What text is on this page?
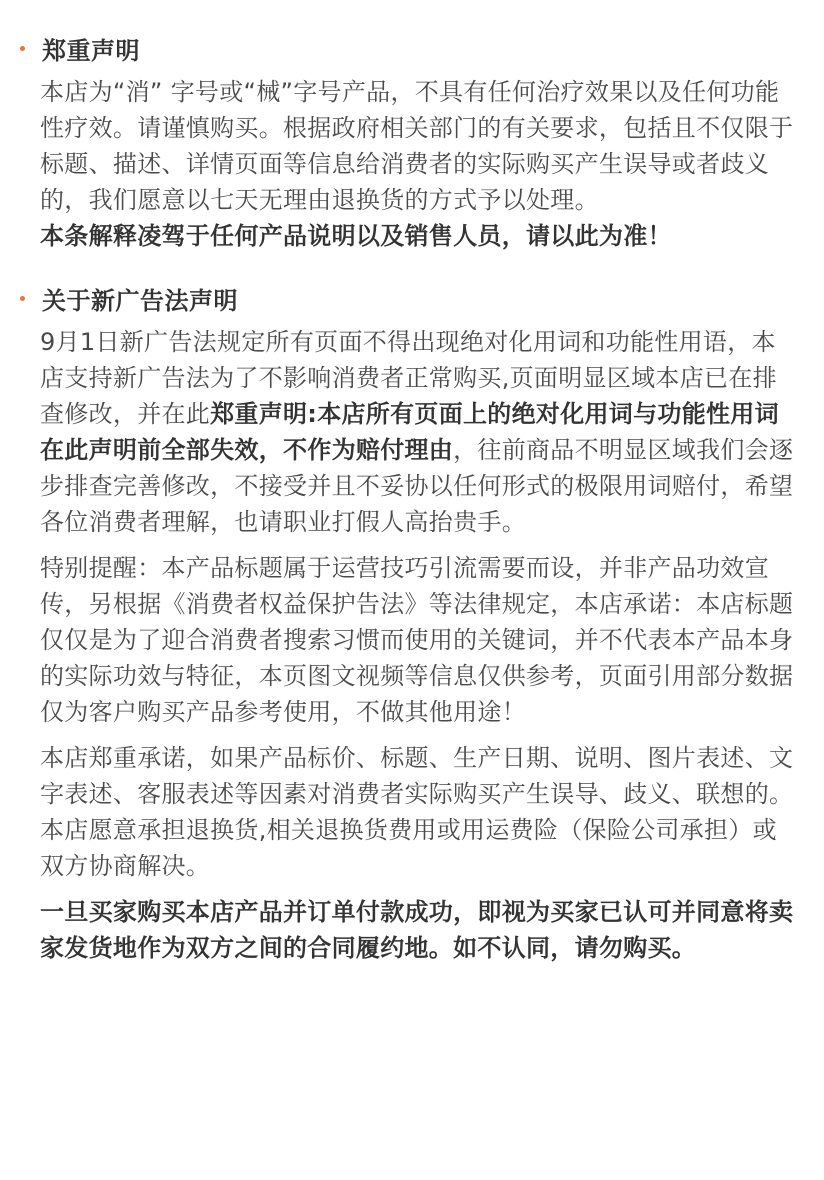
郑重声明

本店为“消” 字号或“械”字号产品，不具有任何治疗效果以及任何功能性疗效。请谨慎购买。根据政府相关部门的有关要求，包括且不仅限于标题、描述、详情页面等信息给消费者的实际购买产生误导或者歧义的，我们愿意以七天无理由退换货的方式予以处理。

本条解释凌驾于任何产品说明以及销售人员，请以此为准！

关于新广告法声明

9月1日新广告法规定所有页面不得出现绝对化用词和功能性用语，本店支持新广告法为了不影响消费者正常购买,页面明显区域本店已在排查修改，并在此郑重声明:本店所有页面上的绝对化用词与功能性用词在此声明前全部失效，不作为赔付理由，往前商品不明显区域我们会逐步排查完善修改，不接受并且不妥协以任何形式的极限用词赔付，希望各位消费者理解，也请职业打假人高抬贵手。

特别提醒：本产品标题属于运营技巧引流需要而设，并非产品功效宣传，另根据《消费者权益保护告法》等法律规定，本店承诺：本店标题仅仅是为了迎合消费者搜索习惯而使用的关键词，并不代表本产品本身的实际功效与特征，本页图文视频等信息仅供参考，页面引用部分数据仅为客户购买产品参考使用，不做其他用途！

本店郑重承诺，如果产品标价、标题、生产日期、说明、图片表述、文字表述、客服表述等因素对消费者实际购买产生误导、歧义、联想的。本店愿意承担退换货,相关退换货费用或用运费险（保险公司承担）或双方协商解决。

一旦买家购买本店产品并订单付款成功，即视为买家已认可并同意将卖家发货地作为双方之间的合同履约地。如不认同，请勿购买。
